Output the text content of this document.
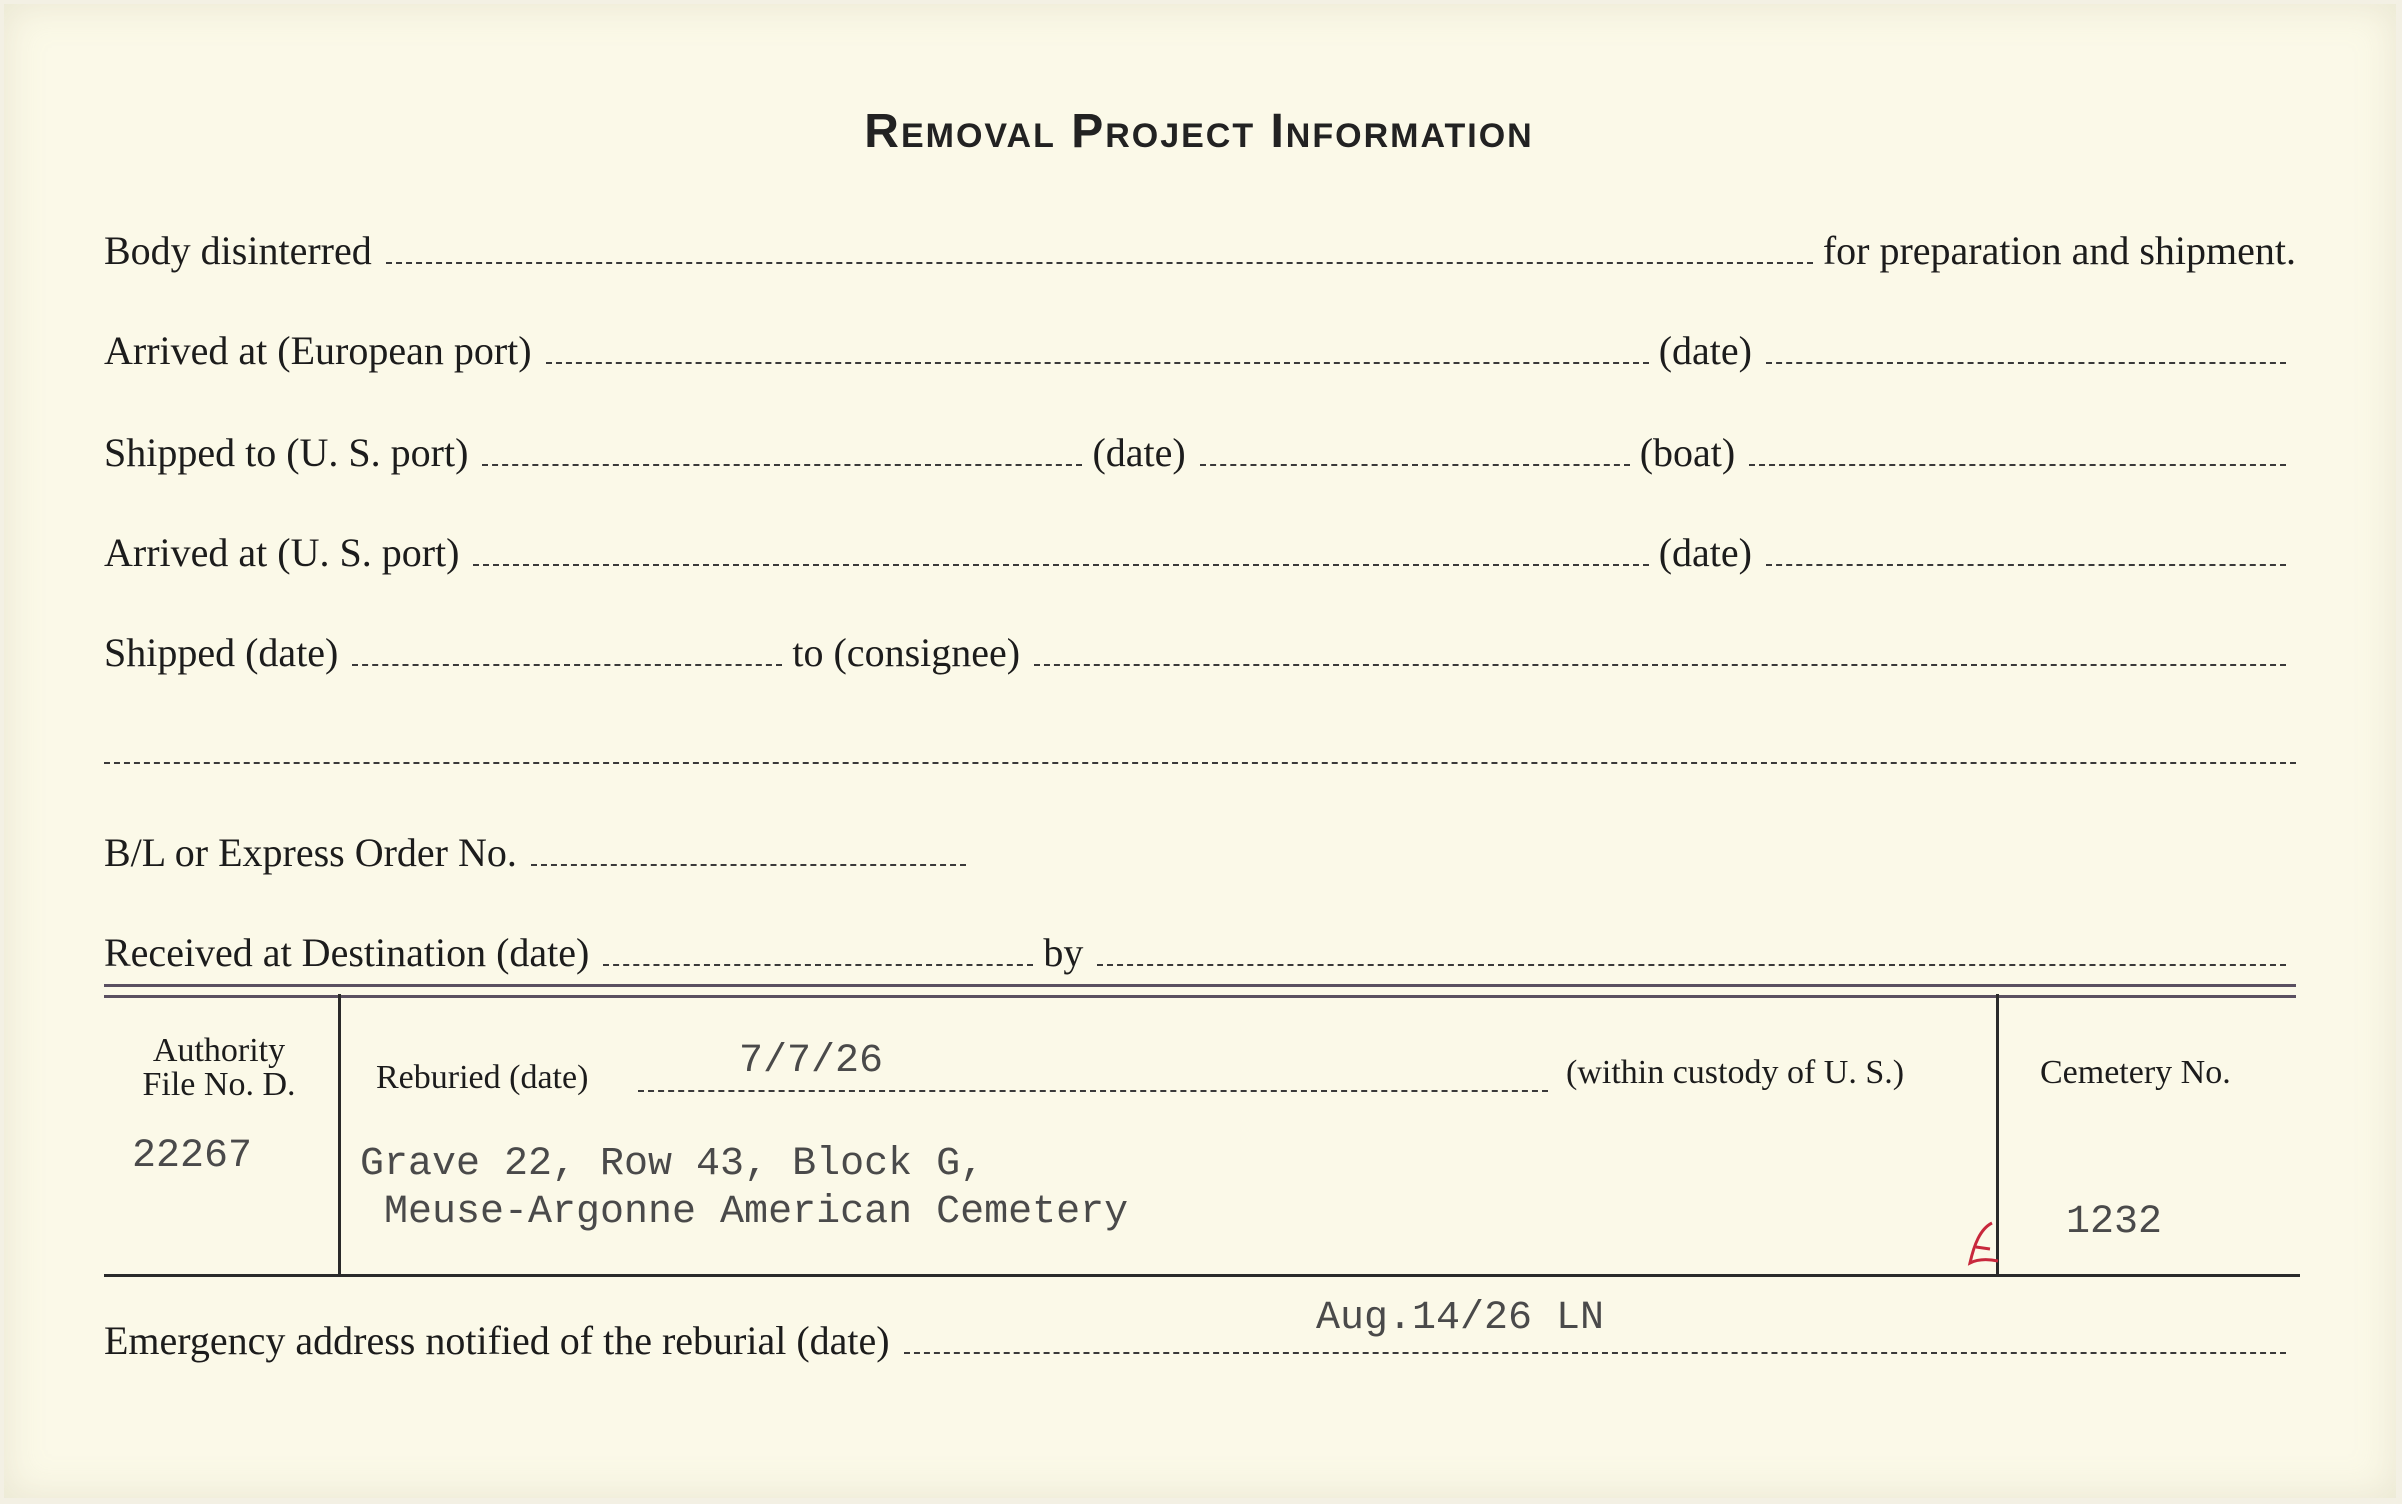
Removal Project Information
Body disinterred	for preparation and shipment.
Arrived at (European port)	(date)
Shipped to (U. S. port)	(date)	(boat)
Arrived at (U. S. port)	(date)
Shipped (date)	to (consignee)
B/L or Express Order No.
Received at Destination (date)	by
Authority
File No. D.
22267
Reburied (date)	7/7/26	(within custody of U. S.)
Grave 22, Row 43, Block G,
Meuse-Argonne American Cemetery
Cemetery No.
1232
Emergency address notified of the reburial (date)	Aug.14/26 LN
